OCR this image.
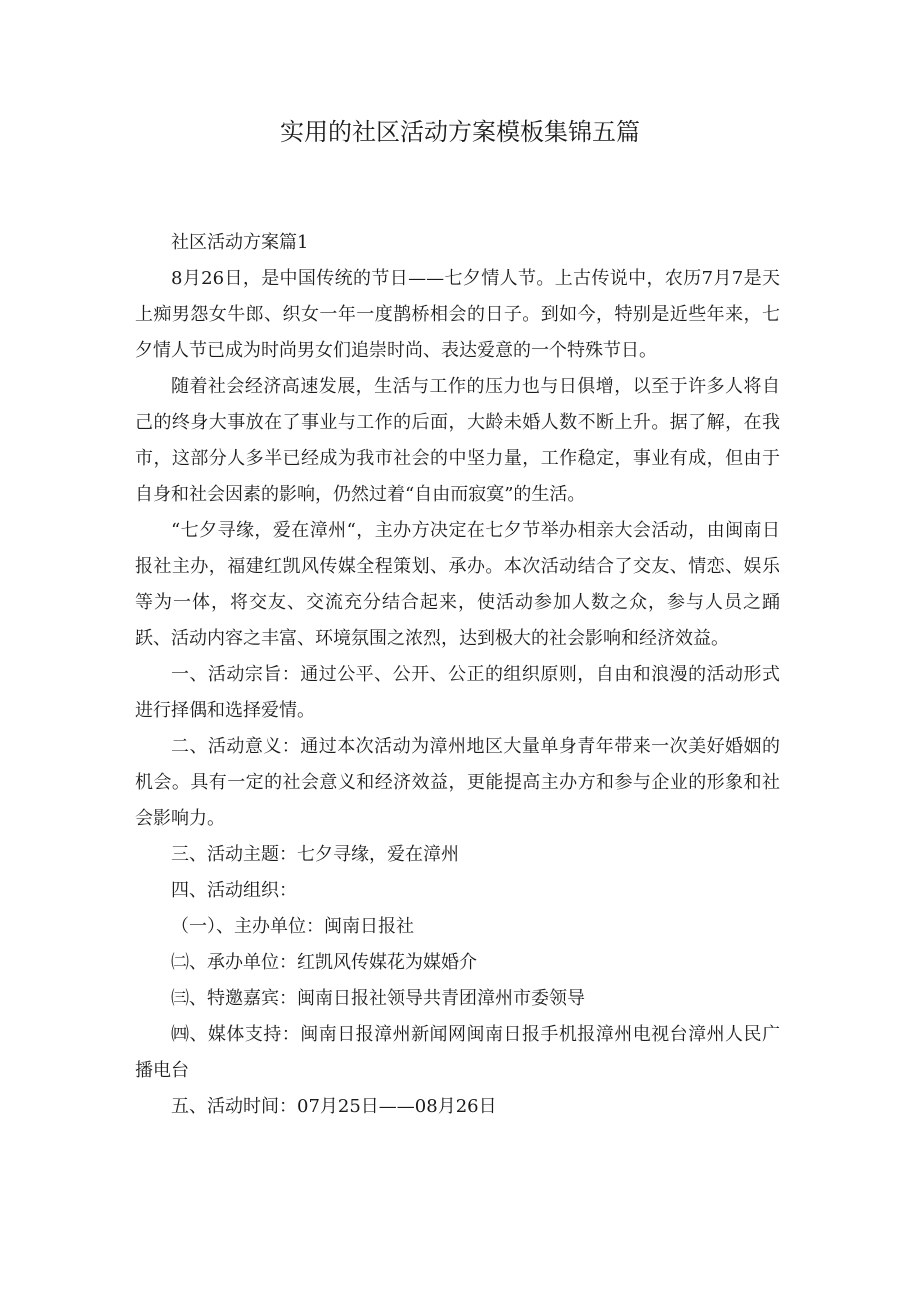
实用的社区活动方案模板集锦五篇

社区活动方案篇1

8月26日，是中国传统的节日——七夕情人节。上古传说中，农历7月7是天上痴男怨女牛郎、织女一年一度鹊桥相会的日子。到如今，特别是近些年来，七夕情人节已成为时尚男女们追崇时尚、表达爱意的一个特殊节日。

随着社会经济高速发展，生活与工作的压力也与日俱增，以至于许多人将自己的终身大事放在了事业与工作的后面，大龄未婚人数不断上升。据了解，在我市，这部分人多半已经成为我市社会的中坚力量，工作稳定，事业有成，但由于自身和社会因素的影响，仍然过着“自由而寂寞”的生活。

“七夕寻缘，爱在漳州“，主办方决定在七夕节举办相亲大会活动，由闽南日报社主办，福建红凯风传媒全程策划、承办。本次活动结合了交友、情恋、娱乐等为一体，将交友、交流充分结合起来，使活动参加人数之众，参与人员之踊跃、活动内容之丰富、环境氛围之浓烈，达到极大的社会影响和经济效益。

一、活动宗旨：通过公平、公开、公正的组织原则，自由和浪漫的活动形式进行择偶和选择爱情。

二、活动意义：通过本次活动为漳州地区大量单身青年带来一次美好婚姻的机会。具有一定的社会意义和经济效益，更能提高主办方和参与企业的形象和社会影响力。

三、活动主题：七夕寻缘，爱在漳州

四、活动组织：

（一）、主办单位：闽南日报社

㈡、承办单位：红凯风传媒花为媒婚介

㈢、特邀嘉宾：闽南日报社领导共青团漳州市委领导

㈣、媒体支持：闽南日报漳州新闻网闽南日报手机报漳州电视台漳州人民广播电台

五、活动时间：07月25日——08月26日
